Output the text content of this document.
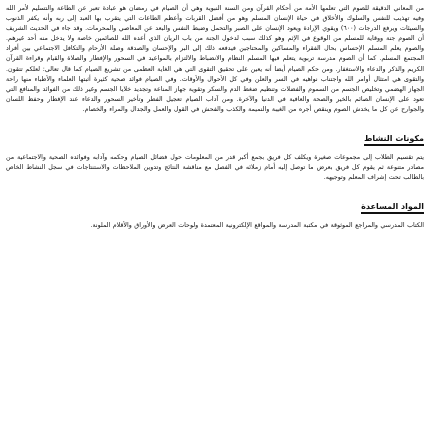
من المعاني الدقيقة للصوم التي تعلمها الأمة من أحكام القرآن ومن السنة النبوية وهي أن الصيام في رمضان هو عبادة تعبر عن الطاعة والتسليم لأمر الله وفيه تهذيب للنفس والسلوك والأخلاق في حياة الإنسان المسلم وهو من أفضل القربات وأعظم الطاعات التي يتقرب بها العبد إلى ربه وأنه يكفر الذنوب والسيئات ويرفع الدرجات (٦٠٠) ويقوي الإرادة ويعود الإنسان على الصبر والتحمل وضبط النفس والبعد عن المعاصي والمحرمات. وقد جاء في الحديث الشريف أن الصوم جنة ووقاية للمسلم من الوقوع في الإثم وهو كذلك سبب لدخول الجنة من باب الريان الذي أعده الله للصائمين خاصة ولا يدخل منه أحد غيرهم. والصوم يعلم المسلم الإحساس بحال الفقراء والمساكين والمحتاجين فيدفعه ذلك إلى البر والإحسان والصدقة وصلة الأرحام والتكافل الاجتماعي بين أفراد المجتمع المسلم. كما أن الصوم مدرسة تربوية يتعلم فيها المسلم النظام والانضباط والالتزام بالمواعيد في السحور والإفطار والصلاة والقيام وقراءة القرآن الكريم والذكر والدعاء والاستغفار. ومن حكم الصيام أيضا أنه يعين على تحقيق التقوى التي هي الغاية العظمى من تشريع الصيام كما قال تعالى: لعلكم تتقون. والتقوى هي امتثال أوامر الله واجتناب نواهيه في السر والعلن وفي كل الأحوال والأوقات. وفي الصيام فوائد صحية كثيرة أثبتها العلماء والأطباء منها راحة الجهاز الهضمي وتخليص الجسم من السموم والفضلات وتنظيم ضغط الدم والسكر وتقوية جهاز المناعة وتجديد خلايا الجسم وغير ذلك من الفوائد والمنافع التي تعود على الإنسان الصائم بالخير والصحة والعافية في الدنيا والآخرة. ومن آداب الصيام تعجيل الفطر وتأخير السحور والدعاء عند الإفطار وحفظ اللسان والجوارح عن كل ما يخدش الصوم وينقص أجره من الغيبة والنميمة والكذب والفحش في القول والعمل والجدال والمراء والخصام.

مكونات النشاط

يتم تقسيم الطلاب إلى مجموعات صغيرة ويكلف كل فريق بجمع أكبر قدر من المعلومات حول فضائل الصيام وحكمه وآدابه وفوائده الصحية والاجتماعية من مصادر متنوعة ثم يقوم كل فريق بعرض ما توصل إليه أمام زملائه في الفصل مع مناقشة النتائج وتدوين الملاحظات والاستنتاجات في سجل النشاط الخاص بالطالب تحت إشراف المعلم وتوجيهه.

المواد المساعدة

الكتاب المدرسي والمراجع الموثوقة في مكتبة المدرسة والمواقع الإلكترونية المعتمدة ولوحات العرض والأوراق والأقلام الملونة.
